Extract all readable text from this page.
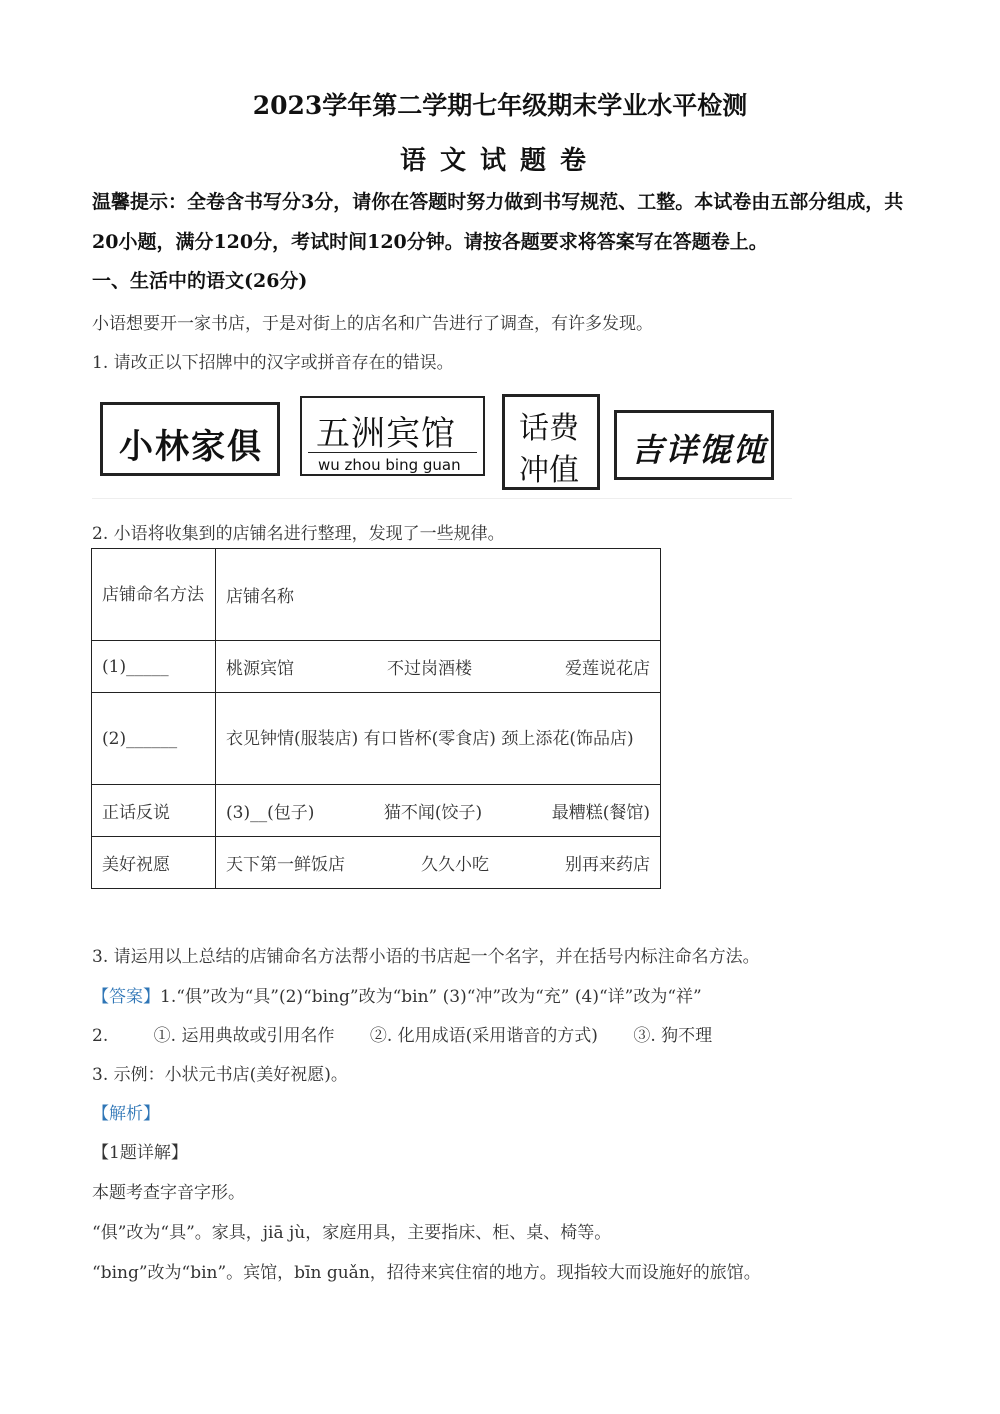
2023学年第二学期七年级期末学业水平检测
语文试题卷
温馨提示：全卷含书写分3分，请你在答题时努力做到书写规范、工整。本试卷由五部分组成，共20小题，满分120分，考试时间120分钟。请按各题要求将答案写在答题卷上。
一、生活中的语文(26分)
小语想要开一家书店，于是对街上的店名和广告进行了调查，有许多发现。
1. 请改正以下招牌中的汉字或拼音存在的错误。
小林家俱 五洲宾馆
wu zhou bing guan
话费
冲值
吉详馄饨
2. 小语将收集到的店铺名进行整理，发现了一些规律。
店铺命名方法	店铺名称
(1)_____	桃源宾馆 不过岗酒楼 爱莲说花店

(2)______	衣见钟情(服装店) 有口皆杯(零食店) 颈上添花(饰品店)
正话反说	(3)__(包子) 猫不闻(饺子) 最糟糕(餐馆)

美好祝愿	天下第一鲜饭店 久久小吃 别再来药店
3. 请运用以上总结的店铺命名方法帮小语的书店起一个名字，并在括号内标注命名方法。
【答案】1.“俱”改为“具”(2)“bing”改为“bin” (3)“冲”改为“充” (4)“详”改为“祥”
2.	①. 运用典故或引用名作 ②. 化用成语(采用谐音的方式) ③. 狗不理
3. 示例：小状元书店(美好祝愿)。
【解析】
【1题详解】
本题考查字音字形。
“俱”改为“具”。家具，jiā jù，家庭用具，主要指床、柜、桌、椅等。
“bing”改为“bin”。宾馆，bīn guǎn，招待来宾住宿的地方。现指较大而设施好的旅馆。
